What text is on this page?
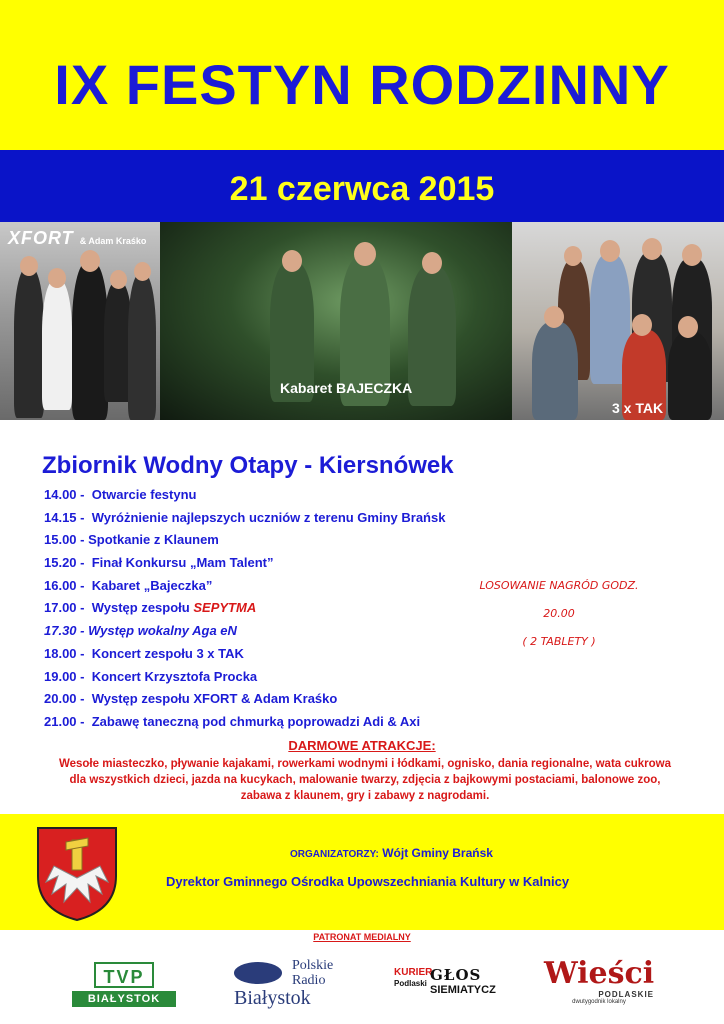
IX FESTYN RODZINNY
21 czerwca 2015
XFORT & Adam Kraśko
Kabaret BAJECZKA
3 x TAK
Zbiornik Wodny Otapy - Kiersnówek
14.00 - Otwarcie festynu
14.15 - Wyróżnienie najlepszych uczniów z terenu Gminy Brańsk
15.00 - Spotkanie z Klaunem
15.20 - Finał Konkursu „Mam Talent”
16.00 - Kabaret „Bajeczka”
17.00 - Występ zespołu SEPYTMA
17.30 - Występ wokalny Aga eN
18.00 - Koncert zespołu 3 x TAK
19.00 - Koncert Krzysztofa Procka
20.00 - Występ zespołu XFORT & Adam Kraśko
21.00 - Zabawę taneczną pod chmurką poprowadzi Adi & Axi
LOSOWANIE NAGRÓD GODZ. 20.00
( 2 TABLETY )
DARMOWE ATRAKCJE:
Wesołe miasteczko, pływanie kajakami, rowerkami wodnymi i łódkami, ognisko, dania regionalne, wata cukrowa dla wszystkich dzieci, jazda na kucykach, malowanie twarzy, zdjęcia z bajkowymi postaciami, balonowe zoo, zabawa z klaunem, gry i zabawy z nagrodami.
ORGANIZATORZY: Wójt Gminy Brańsk
Dyrektor Gminnego Ośrodka Upowszechniania Kultury w Kalnicy
PATRONAT MEDIALNY
TVP
BIAŁYSTOK
Polskie
Radio
Białystok
KURIER
Podlaski GŁOS
SIEMIATYCZ Wieści
PODLASKIE
dwutygodnik lokalny
